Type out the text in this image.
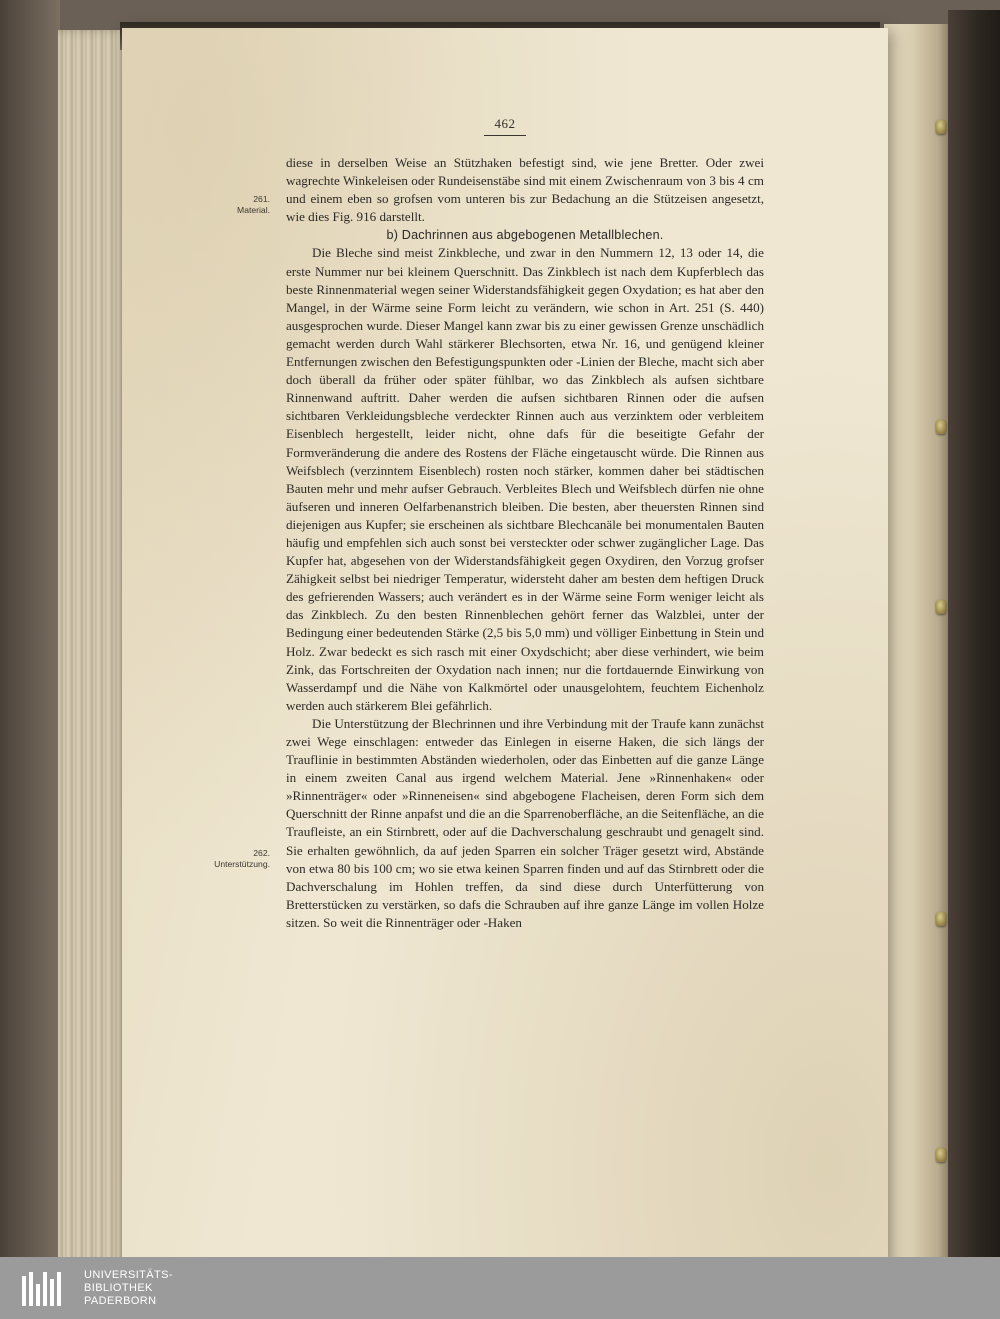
462
261.
Material.
262.
Unterstützung.

diese in derselben Weise an Stützhaken befestigt sind, wie jene Bretter. Oder zwei wagrechte Winkeleisen oder Rundeisenstäbe sind mit einem Zwischenraum von 3 bis 4 cm und einem eben so grofsen vom unteren bis zur Bedachung an die Stützeisen angesetzt, wie dies Fig. 916 darstellt.

b) Dachrinnen aus abgebogenen Metallblechen.

Die Bleche sind meist Zinkbleche, und zwar in den Nummern 12, 13 oder 14, die erste Nummer nur bei kleinem Querschnitt. Das Zinkblech ist nach dem Kupferblech das beste Rinnenmaterial wegen seiner Widerstandsfähigkeit gegen Oxydation; es hat aber den Mangel, in der Wärme seine Form leicht zu verändern, wie schon in Art. 251 (S. 440) ausgesprochen wurde. Dieser Mangel kann zwar bis zu einer gewissen Grenze unschädlich gemacht werden durch Wahl stärkerer Blechsorten, etwa Nr. 16, und genügend kleiner Entfernungen zwischen den Befestigungspunkten oder -Linien der Bleche, macht sich aber doch überall da früher oder später fühlbar, wo das Zinkblech als aufsen sichtbare Rinnenwand auftritt. Daher werden die aufsen sichtbaren Rinnen oder die aufsen sichtbaren Verkleidungsbleche verdeckter Rinnen auch aus verzinktem oder verbleitem Eisenblech hergestellt, leider nicht, ohne dafs für die beseitigte Gefahr der Formveränderung die andere des Rostens der Fläche eingetauscht würde. Die Rinnen aus Weifsblech (verzinntem Eisenblech) rosten noch stärker, kommen daher bei städtischen Bauten mehr und mehr aufser Gebrauch. Verbleites Blech und Weifsblech dürfen nie ohne äufseren und inneren Oelfarbenanstrich bleiben. Die besten, aber theuersten Rinnen sind diejenigen aus Kupfer; sie erscheinen als sichtbare Blechcanäle bei monumentalen Bauten häufig und empfehlen sich auch sonst bei versteckter oder schwer zugänglicher Lage. Das Kupfer hat, abgesehen von der Widerstandsfähigkeit gegen Oxydiren, den Vorzug grofser Zähigkeit selbst bei niedriger Temperatur, widersteht daher am besten dem heftigen Druck des gefrierenden Wassers; auch verändert es in der Wärme seine Form weniger leicht als das Zinkblech. Zu den besten Rinnenblechen gehört ferner das Walzblei, unter der Bedingung einer bedeutenden Stärke (2,5 bis 5,0 mm) und völliger Einbettung in Stein und Holz. Zwar bedeckt es sich rasch mit einer Oxydschicht; aber diese verhindert, wie beim Zink, das Fortschreiten der Oxydation nach innen; nur die fortdauernde Einwirkung von Wasserdampf und die Nähe von Kalkmörtel oder unausgelohtem, feuchtem Eichenholz werden auch stärkerem Blei gefährlich.

Die Unterstützung der Blechrinnen und ihre Verbindung mit der Traufe kann zunächst zwei Wege einschlagen: entweder das Einlegen in eiserne Haken, die sich längs der Trauflinie in bestimmten Abständen wiederholen, oder das Einbetten auf die ganze Länge in einem zweiten Canal aus irgend welchem Material. Jene »Rinnenhaken« oder »Rinnenträger« oder »Rinneneisen« sind abgebogene Flacheisen, deren Form sich dem Querschnitt der Rinne anpafst und die an die Sparrenoberfläche, an die Seitenfläche, an die Traufleiste, an ein Stirnbrett, oder auf die Dachverschalung geschraubt und genagelt sind. Sie erhalten gewöhnlich, da auf jeden Sparren ein solcher Träger gesetzt wird, Abstände von etwa 80 bis 100 cm; wo sie etwa keinen Sparren finden und auf das Stirnbrett oder die Dachverschalung im Hohlen treffen, da sind diese durch Unterfütterung von Bretterstücken zu verstärken, so dafs die Schrauben auf ihre ganze Länge im vollen Holze sitzen. So weit die Rinnenträger oder -Haken

UNIVERSITÄTS-
BIBLIOTHEK
PADERBORN
